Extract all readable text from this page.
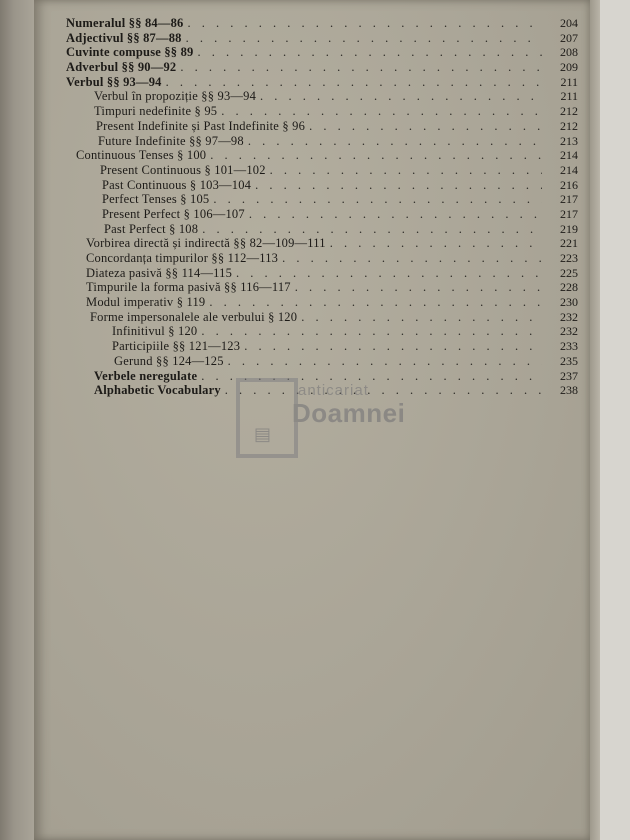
Numeralul §§ 84—86 . . .	204
Adjectivul §§ 87—88 . . .	207
Cuvinte compuse §§ 89 . . .	208
Adverbul §§ 90—92 . . .	209
Verbul §§ 93—94 . . .	211
Verbul în propoziție §§ 93—94 . . .	211
Timpuri nedefinite § 95 . . .	212
Present Indefinite și Past Indefinite § 96 . . .	212
Future Indefinite §§ 97—98 . . .	213
Continuous Tenses § 100 . . .	214
Present Continuous § 101—102 . . .	214
Past Continuous § 103—104 . . .	216
Perfect Tenses § 105 . . .	217
Present Perfect § 106—107 . . .	217
Past Perfect § 108 . . .	219
Vorbirea directă și indirectă §§ 82—109—111 . . .	221
Concordanța timpurilor §§ 112—113 . . .	223
Diateza pasivă §§ 114—115 . . .	225
Timpurile la forma pasivă §§ 116—117 . . .	228
Modul imperativ § 119 . . .	230
Forme impersonalele ale verbului § 120 . . .	232
Infinitivul § 120 . . .	232
Participiile §§ 121—123 . . .	233
Gerund §§ 124—125 . . .	235
Verbele neregulate . . .	237
Alphabetic Vocabulary . . .	238
anticariat
Doamnei
▤
